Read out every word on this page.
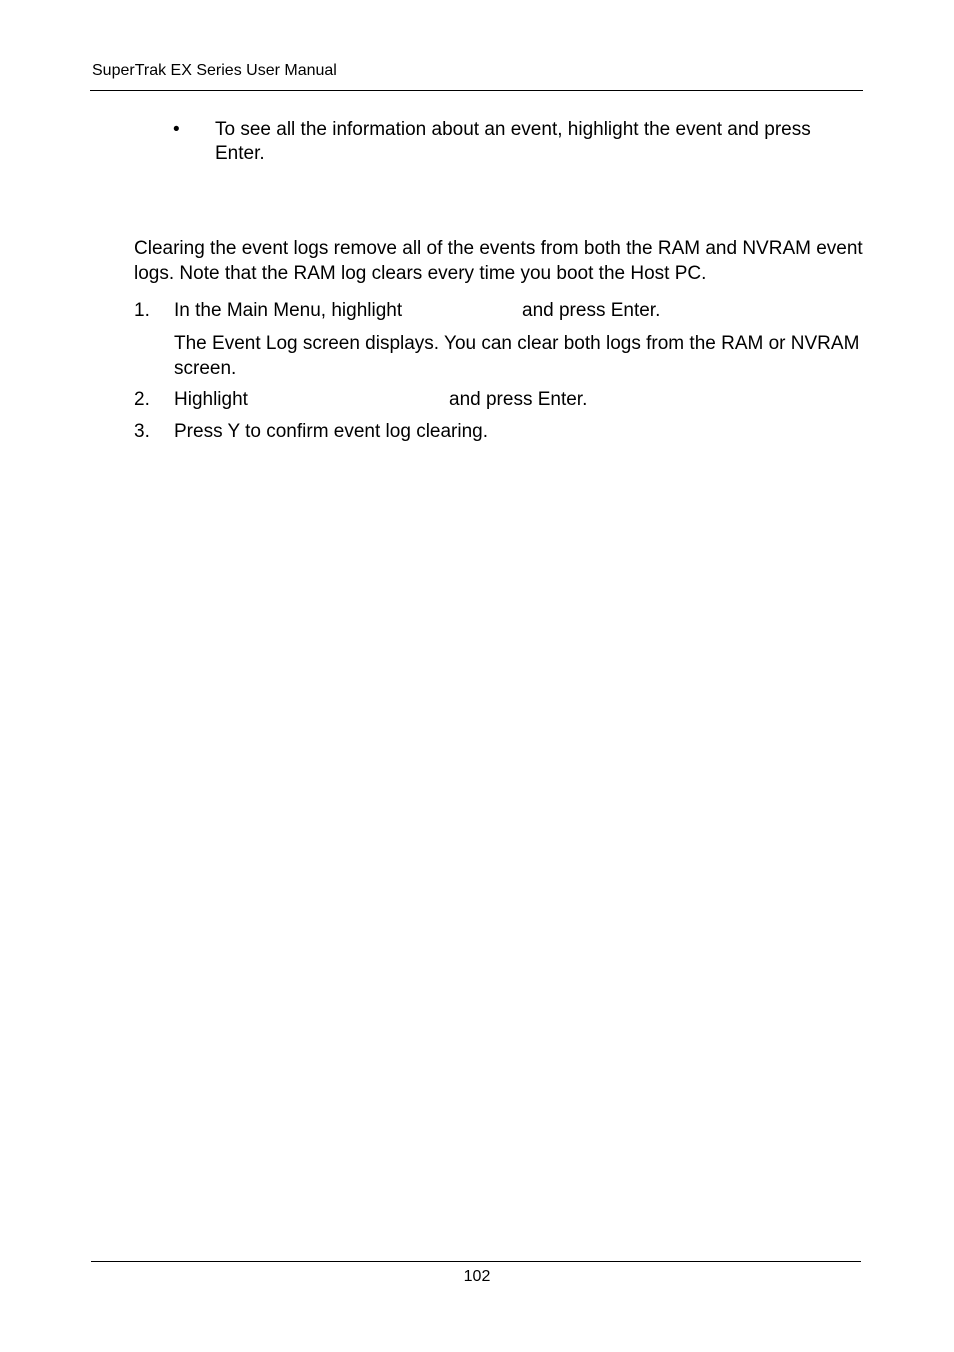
SuperTrak EX Series User Manual
• To see all the information about an event, highlight the event and press Enter.
Clearing the event logs remove all of the events from both the RAM and NVRAM event logs. Note that the RAM log clears every time you boot the Host PC.
1. In the Main Menu, highlight	and press Enter.
The Event Log screen displays. You can clear both logs from the RAM or NVRAM screen.
2. Highlight	and press Enter.
3. Press Y to confirm event log clearing.
102
